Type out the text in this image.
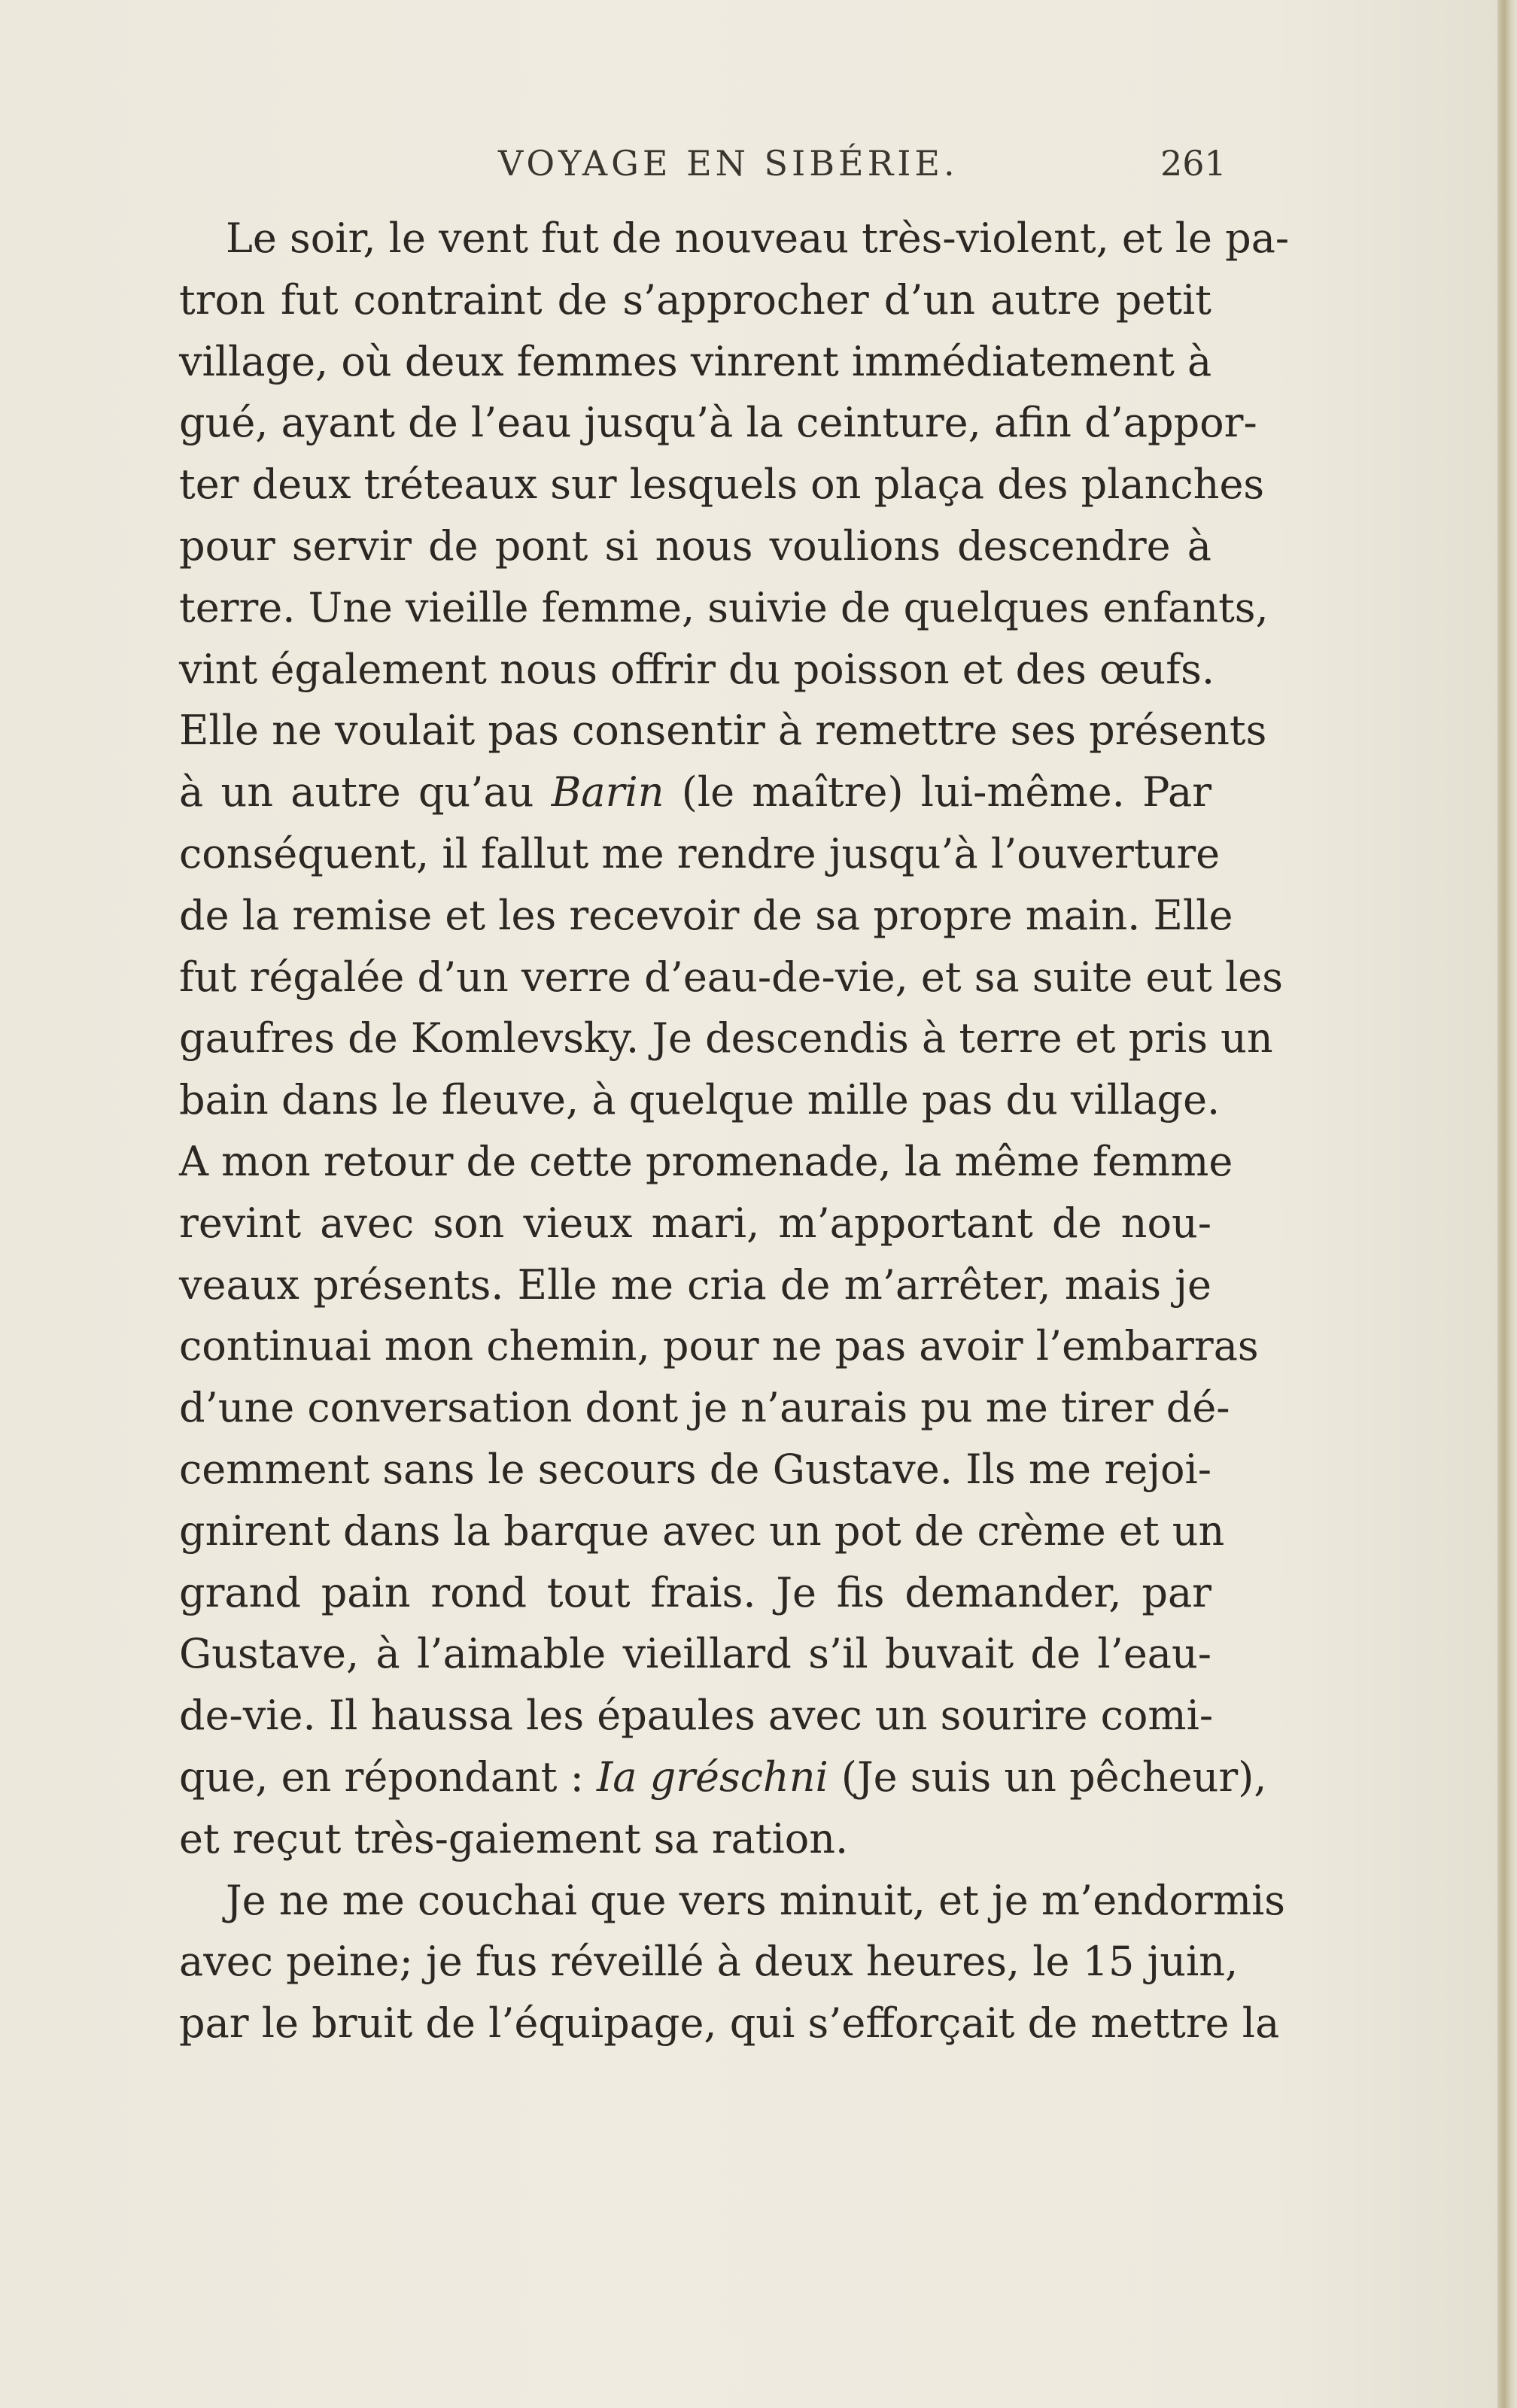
VOYAGE EN SIBÉRIE.	261
Le soir, le vent fut de nouveau très-violent, et le pa-
tron fut contraint de s’approcher d’un autre petit
village, où deux femmes vinrent immédiatement à
gué, ayant de l’eau jusqu’à la ceinture, afin d’appor-
ter deux tréteaux sur lesquels on plaça des planches
pour servir de pont si nous voulions descendre à
terre. Une vieille femme, suivie de quelques enfants,
vint également nous offrir du poisson et des œufs.
Elle ne voulait pas consentir à remettre ses présents
à un autre qu’au Barin (le maître) lui-même. Par
conséquent, il fallut me rendre jusqu’à l’ouverture
de la remise et les recevoir de sa propre main. Elle
fut régalée d’un verre d’eau-de-vie, et sa suite eut les
gaufres de Komlevsky. Je descendis à terre et pris un
bain dans le fleuve, à quelque mille pas du village.
A mon retour de cette promenade, la même femme
revint avec son vieux mari, m’apportant de nou-
veaux présents. Elle me cria de m’arrêter, mais je
continuai mon chemin, pour ne pas avoir l’embarras
d’une conversation dont je n’aurais pu me tirer dé-
cemment sans le secours de Gustave. Ils me rejoi-
gnirent dans la barque avec un pot de crème et un
grand pain rond tout frais. Je fis demander, par
Gustave, à l’aimable vieillard s’il buvait de l’eau-
de-vie. Il haussa les épaules avec un sourire comi-
que, en répondant : Ia gréschni (Je suis un pêcheur),
et reçut très-gaiement sa ration.
Je ne me couchai que vers minuit, et je m’endormis
avec peine; je fus réveillé à deux heures, le 15 juin,
par le bruit de l’équipage, qui s’efforçait de mettre la
